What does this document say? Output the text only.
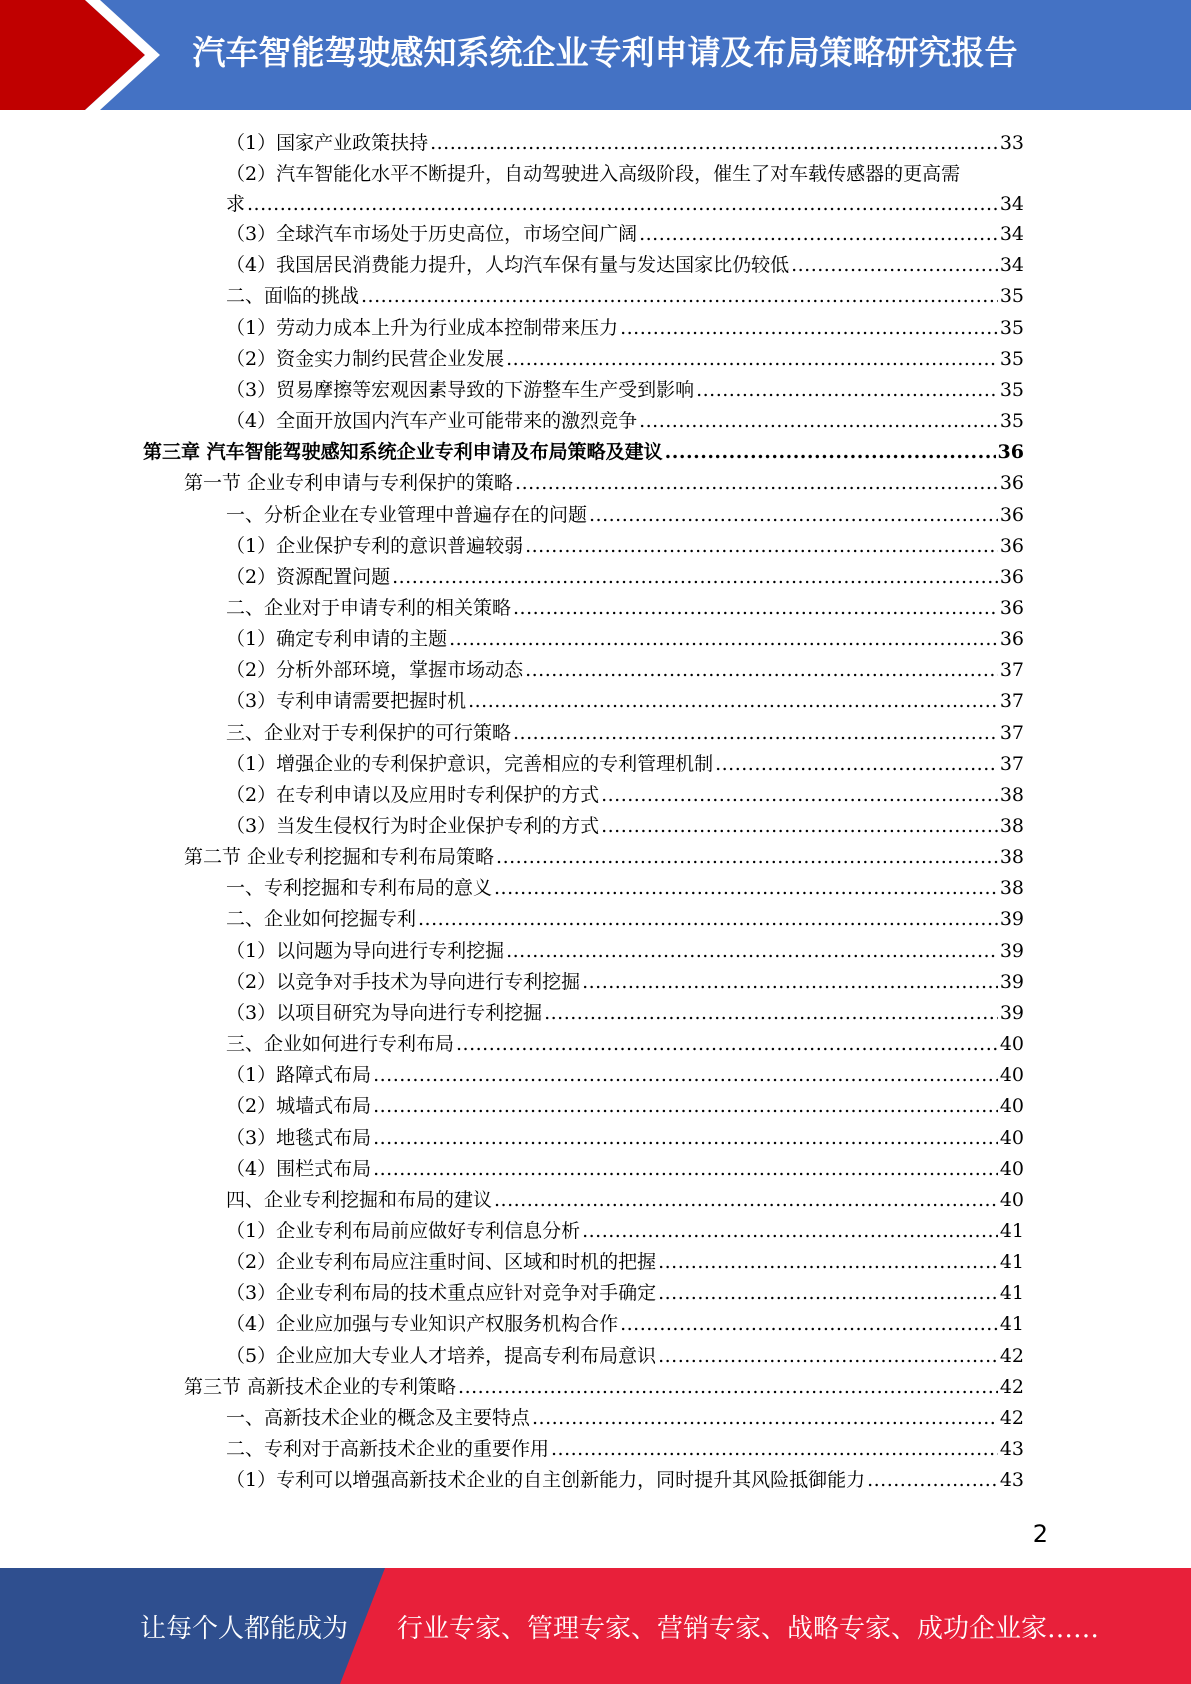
汽车智能驾驶感知系统企业专利申请及布局策略研究报告
（1）国家产业政策扶持 .....	33
（2）汽车智能化水平不断提升，自动驾驶进入高级阶段，催生了对车载传感器的更高需
求 .....	34
（3）全球汽车市场处于历史高位，市场空间广阔 .....	34
（4）我国居民消费能力提升，人均汽车保有量与发达国家比仍较低 .....	34
二、面临的挑战 .....	35
（1）劳动力成本上升为行业成本控制带来压力 .....	35
（2）资金实力制约民营企业发展 .....	35
（3）贸易摩擦等宏观因素导致的下游整车生产受到影响 .....	35
（4）全面开放国内汽车产业可能带来的激烈竞争 .....	35
第三章 汽车智能驾驶感知系统企业专利申请及布局策略及建议 .....	36
第一节 企业专利申请与专利保护的策略 .....	36
一、分析企业在专业管理中普遍存在的问题 .....	36
（1）企业保护专利的意识普遍较弱 .....	36
（2）资源配置问题 .....	36
二、企业对于申请专利的相关策略 .....	36
（1）确定专利申请的主题 .....	36
（2）分析外部环境，掌握市场动态 .....	37
（3）专利申请需要把握时机 .....	37
三、企业对于专利保护的可行策略 .....	37
（1）增强企业的专利保护意识，完善相应的专利管理机制 .....	37
（2）在专利申请以及应用时专利保护的方式 .....	38
（3）当发生侵权行为时企业保护专利的方式 .....	38
第二节 企业专利挖掘和专利布局策略 .....	38
一、专利挖掘和专利布局的意义 .....	38
二、企业如何挖掘专利 .....	39
（1）以问题为导向进行专利挖掘 .....	39
（2）以竞争对手技术为导向进行专利挖掘 .....	39
（3）以项目研究为导向进行专利挖掘 .....	39
三、企业如何进行专利布局 .....	40
（1）路障式布局 .....	40
（2）城墙式布局 .....	40
（3）地毯式布局 .....	40
（4）围栏式布局 .....	40
四、企业专利挖掘和布局的建议 .....	40
（1）企业专利布局前应做好专利信息分析 .....	41
（2）企业专利布局应注重时间、区域和时机的把握 .....	41
（3）企业专利布局的技术重点应针对竞争对手确定 .....	41
（4）企业应加强与专业知识产权服务机构合作 .....	41
（5）企业应加大专业人才培养，提高专利布局意识 .....	42
第三节 高新技术企业的专利策略 .....	42
一、高新技术企业的概念及主要特点 .....	42
二、专利对于高新技术企业的重要作用 .....	43
（1）专利可以增强高新技术企业的自主创新能力，同时提升其风险抵御能力 .....	43
2
让每个人都能成为 行业专家、管理专家、营销专家、战略专家、成功企业家……
